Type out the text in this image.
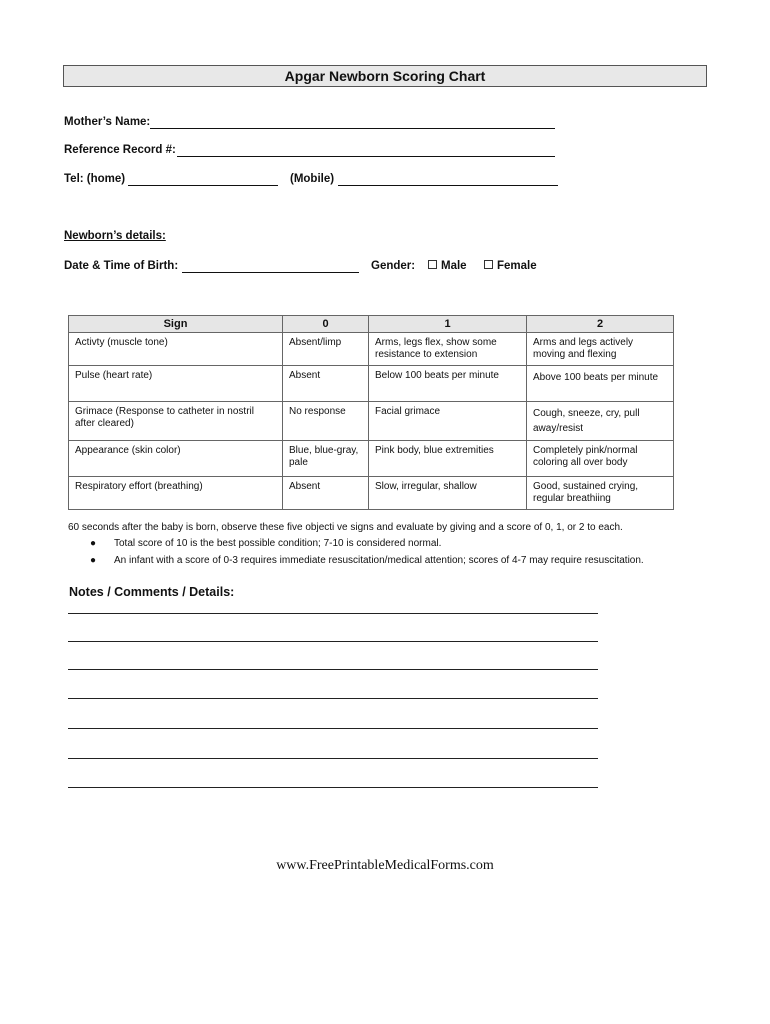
Apgar Newborn Scoring Chart
Mother’s Name:
Reference Record #:
Tel: (home)	(Mobile)
Newborn’s details:
Date & Time of Birth:	Gender:	Male	Female
Sign	0	1	2
Activty (muscle tone)	Absent/limp	Arms, legs flex, show some resistance to extension	Arms and legs actively moving and flexing
Pulse (heart rate)	Absent	Below 100 beats per minute	Above 100 beats per minute
Grimace (Response to catheter in nostril after cleared)	No response	Facial grimace	Cough, sneeze, cry, pull away/resist
Appearance (skin color)	Blue, blue-gray, pale	Pink body, blue extremities	Completely pink/normal coloring all over body
Respiratory effort (breathing)	Absent	Slow, irregular, shallow	Good, sustained crying, regular breathiing
60 seconds after the baby is born, observe these five objecti ve signs and evaluate by giving and a score of 0, 1, or 2 to each.
● Total score of 10 is the best possible condition; 7-10 is considered normal.
● An infant with a score of 0-3 requires immediate resuscitation/medical attention; scores of 4-7 may require resuscitation.
Notes / Comments / Details:
www.FreePrintableMedicalForms.com
